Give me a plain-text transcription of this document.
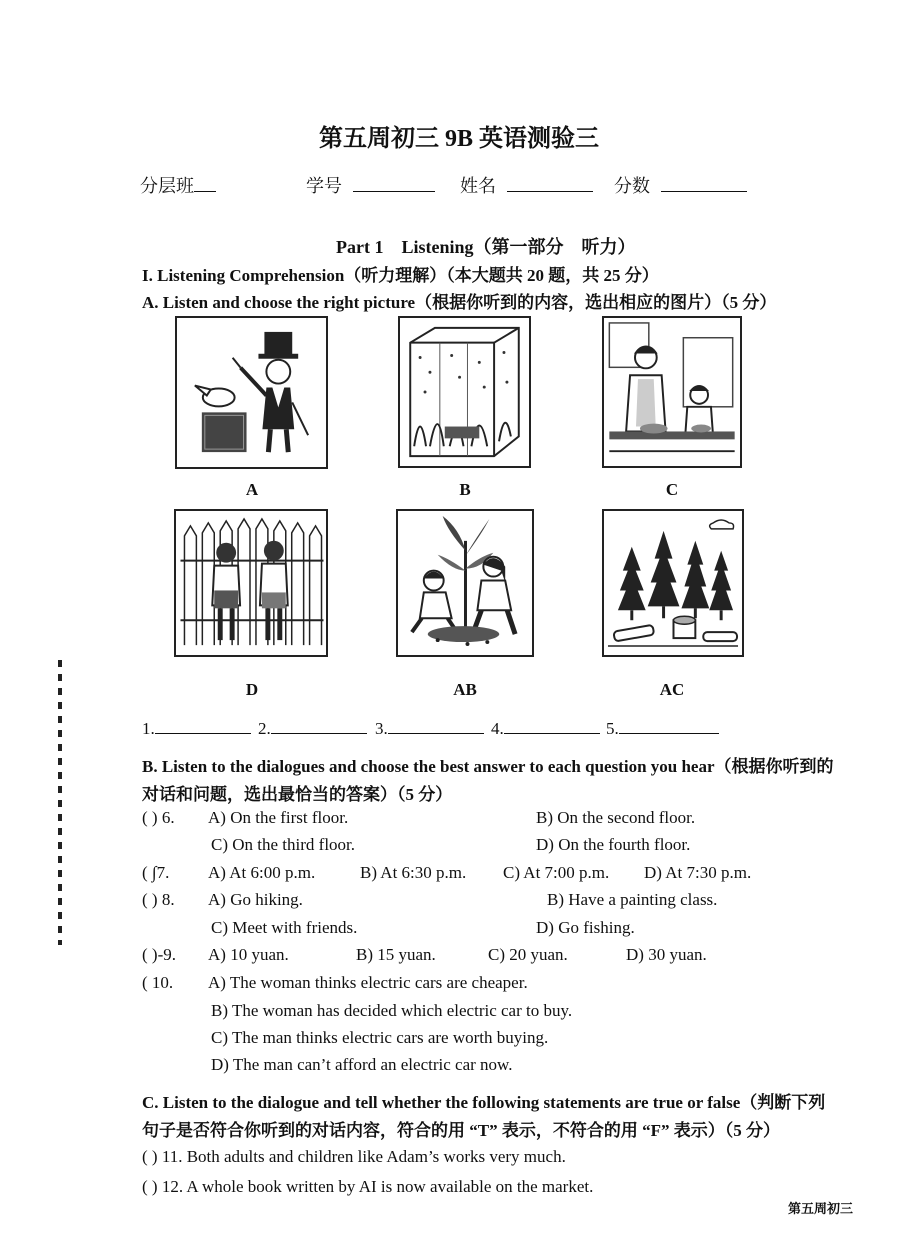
第五周初三 9B 英语测验三
分层班	学号	姓名	分数
Part 1　Listening（第一部分　听力）
I. Listening Comprehension（听力理解）（本大题共 20 题，共 25 分）
A. Listen and choose the right picture（根据你听到的内容，选出相应的图片）（5 分）
A	B	C
D	AB	AC
1.	2.	3.	4.	5.
B. Listen to the dialogues and choose the best answer to each question you hear（根据你听到的
对话和问题，选出最恰当的答案）（5 分）
( ) 6. A) On the first floor.	B) On the second floor.
C) On the third floor.	D) On the fourth floor.
( ∫7. A) At 6:00 p.m.	B) At 6:30 p.m. C) At 7:00 p.m. D) At 7:30 p.m.
( ) 8. A) Go hiking.	B) Have a painting class.
C) Meet with friends.	D) Go fishing.
( )-9. A) 10 yuan.	B) 15 yuan.	C) 20 yuan.	D) 30 yuan.
( 10. A) The woman thinks electric cars are cheaper.
B) The woman has decided which electric car to buy.
C) The man thinks electric cars are worth buying.
D) The man can’t afford an electric car now.
C. Listen to the dialogue and tell whether the following statements are true or false（判断下列
句子是否符合你听到的对话内容，符合的用 “T” 表示，不符合的用 “F” 表示）（5 分）
( ) 11. Both adults and children like Adam’s works very much.
( ) 12. A whole book written by AI is now available on the market.
第五周初三
